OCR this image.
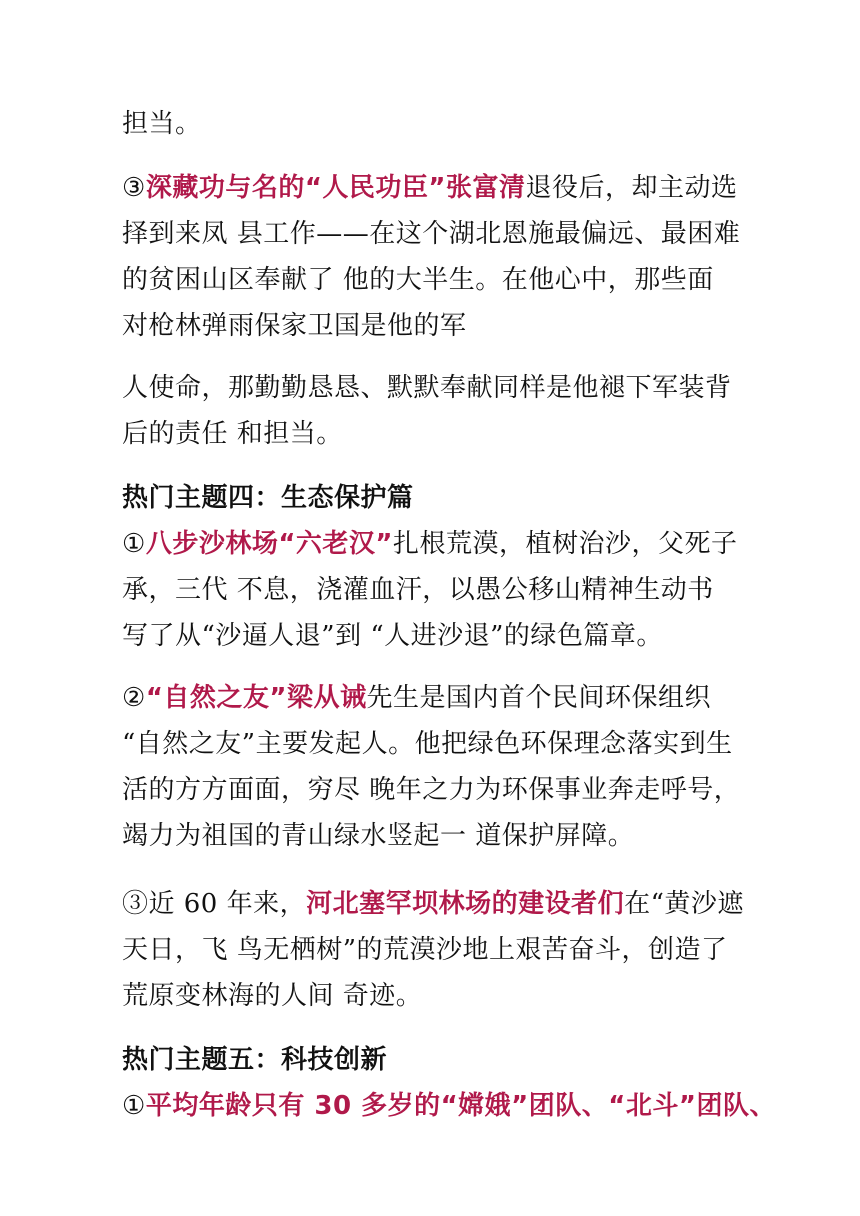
担当。
③深藏功与名的“人民功臣”张富清退役后，却主动选
择到来凤 县工作——在这个湖北恩施最偏远、最困难
的贫困山区奉献了 他的大半生。在他心中，那些面
对枪林弹雨保家卫国是他的军
人使命，那勤勤恳恳、默默奉献同样是他褪下军装背
后的责任 和担当。
热门主题四：生态保护篇
①八步沙林场“六老汉”扎根荒漠，植树治沙，父死子
承，三代 不息，浇灌血汗，以愚公移山精神生动书
写了从“沙逼人退”到 “人进沙退”的绿色篇章。
②“自然之友”梁从诫先生是国内首个民间环保组织
“自然之友”主要发起人。他把绿色环保理念落实到生
活的方方面面，穷尽 晚年之力为环保事业奔走呼号，
竭力为祖国的青山绿水竖起一 道保护屏障。
③近 60 年来，河北塞罕坝林场的建设者们在“黄沙遮
天日，飞 鸟无栖树”的荒漠沙地上艰苦奋斗，创造了
荒原变林海的人间 奇迹。
热门主题五：科技创新
①平均年龄只有 30 多岁的“嫦娥”团队、“北斗”团队、
